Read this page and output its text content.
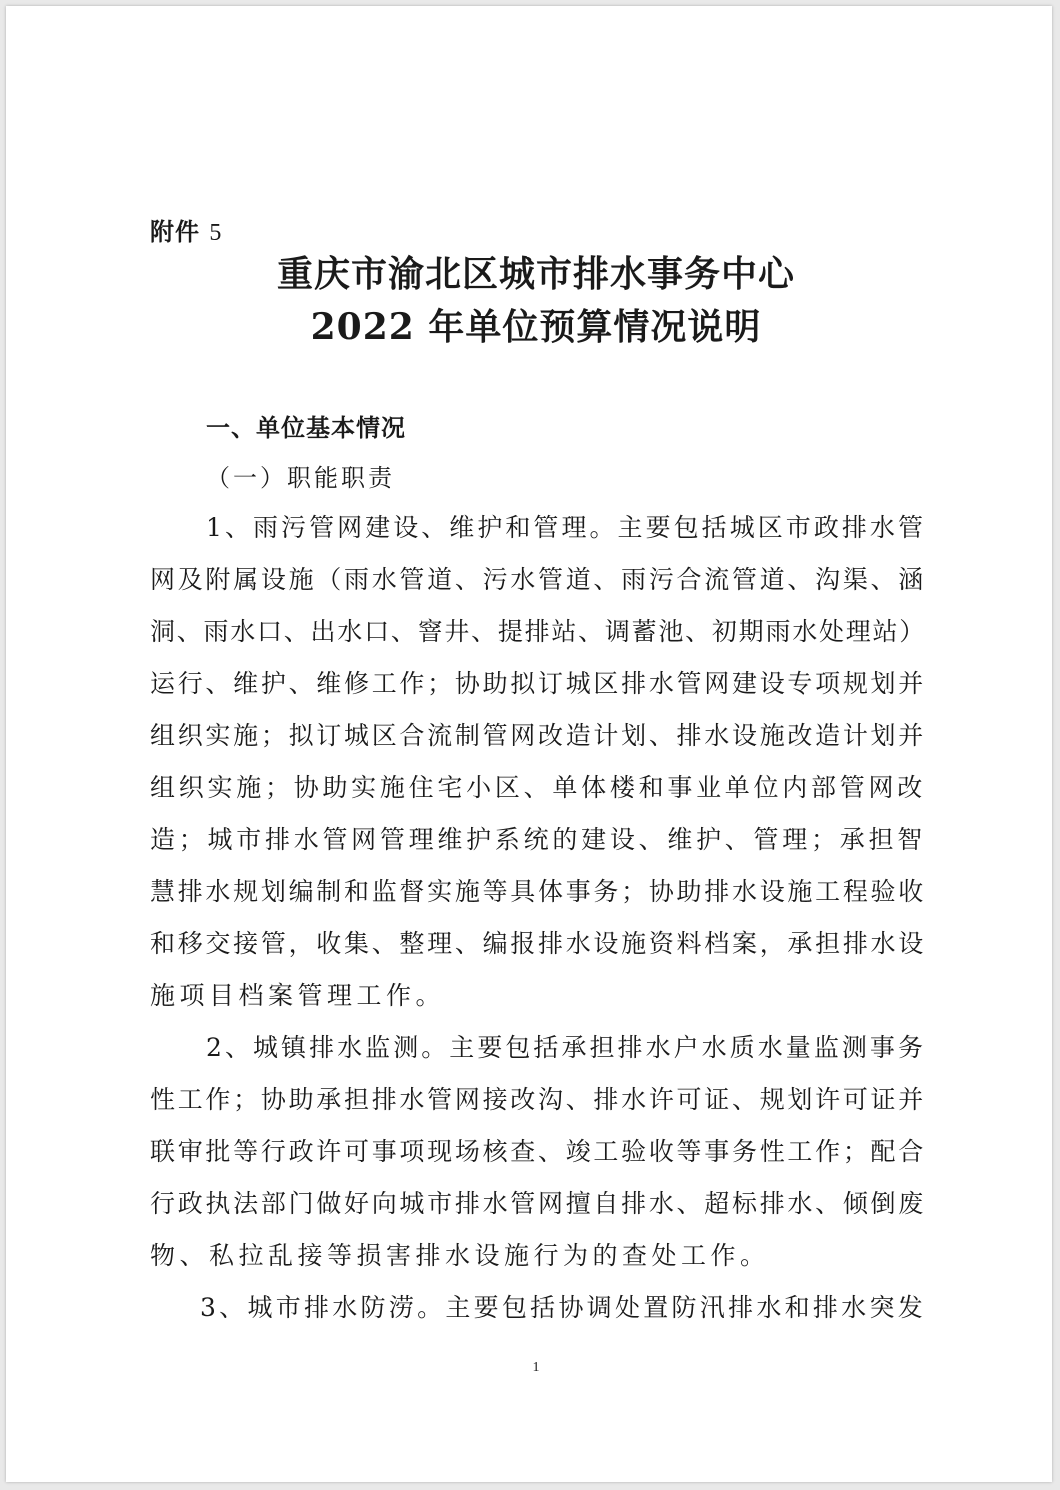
附件 5
重庆市渝北区城市排水事务中心
2022 年单位预算情况说明
一、单位基本情况
（一）职能职责
1、雨污管网建设、维护和管理。主要包括城区市政排水管
网及附属设施（雨水管道、污水管道、雨污合流管道、沟渠、涵
洞、雨水口、出水口、窨井、提排站、调蓄池、初期雨水处理站）
运行、维护、维修工作；协助拟订城区排水管网建设专项规划并
组织实施；拟订城区合流制管网改造计划、排水设施改造计划并
组织实施；协助实施住宅小区、单体楼和事业单位内部管网改
造；城市排水管网管理维护系统的建设、维护、管理；承担智
慧排水规划编制和监督实施等具体事务；协助排水设施工程验收
和移交接管，收集、整理、编报排水设施资料档案，承担排水设
施项目档案管理工作。
2、城镇排水监测。主要包括承担排水户水质水量监测事务
性工作；协助承担排水管网接改沟、排水许可证、规划许可证并
联审批等行政许可事项现场核查、竣工验收等事务性工作；配合
行政执法部门做好向城市排水管网擅自排水、超标排水、倾倒废
物、私拉乱接等损害排水设施行为的查处工作。
3、城市排水防涝。主要包括协调处置防汛排水和排水突发
1
